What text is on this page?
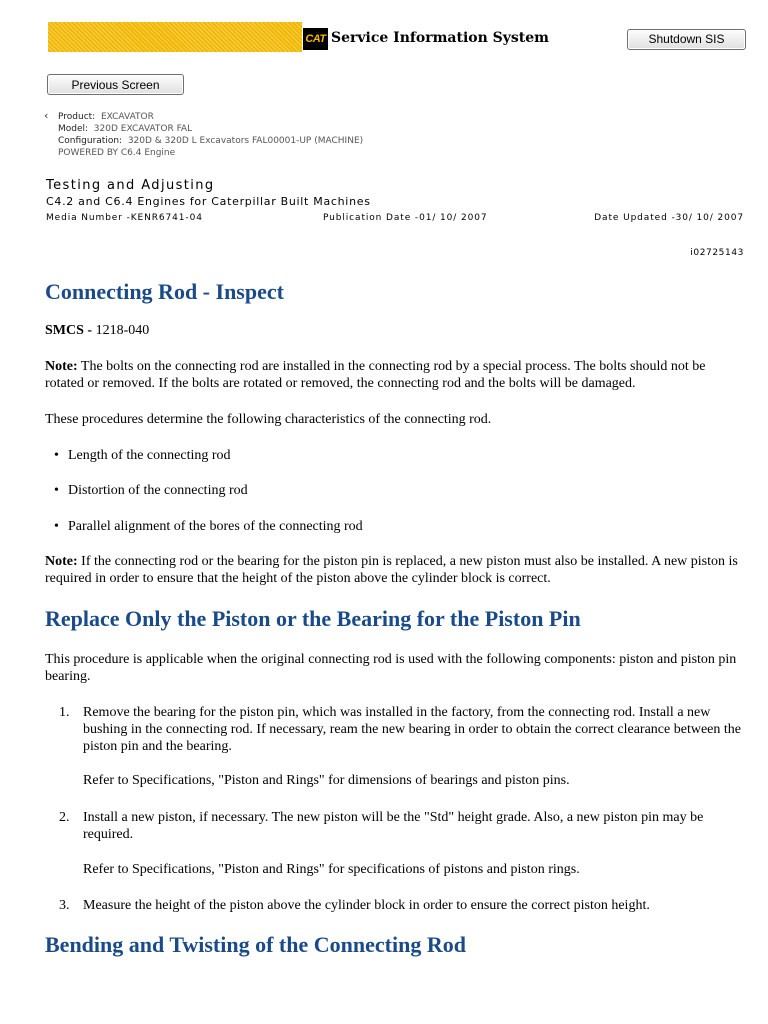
CAT Service Information System	Shutdown SIS
Previous Screen
‹ Product: EXCAVATOR
Model: 320D EXCAVATOR FAL
Configuration: 320D & 320D L Excavators FAL00001-UP (MACHINE)
POWERED BY C6.4 Engine
Testing and Adjusting
C4.2 and C6.4 Engines for Caterpillar Built Machines
Media Number -KENR6741-04	Publication Date -01/ 10/ 2007	Date Updated -30/ 10/ 2007
i02725143
Connecting Rod - Inspect

SMCS - 1218-040

Note: The bolts on the connecting rod are installed in the connecting rod by a special process. The bolts should not be rotated or removed. If the bolts are rotated or removed, the connecting rod and the bolts will be damaged.

These procedures determine the following characteristics of the connecting rod.

• Length of the connecting rod
• Distortion of the connecting rod
• Parallel alignment of the bores of the connecting rod

Note: If the connecting rod or the bearing for the piston pin is replaced, a new piston must also be installed. A new piston is required in order to ensure that the height of the piston above the cylinder block is correct.

Replace Only the Piston or the Bearing for the Piston Pin

This procedure is applicable when the original connecting rod is used with the following components: piston and piston pin bearing.

1. Remove the bearing for the piston pin, which was installed in the factory, from the connecting rod. Install a new bushing in the connecting rod. If necessary, ream the new bearing in order to obtain the correct clearance between the piston pin and the bearing.

Refer to Specifications, "Piston and Rings" for dimensions of bearings and piston pins.

2. Install a new piston, if necessary. The new piston will be the "Std" height grade. Also, a new piston pin may be required.

Refer to Specifications, "Piston and Rings" for specifications of pistons and piston rings.

3. Measure the height of the piston above the cylinder block in order to ensure the correct piston height.

Bending and Twisting of the Connecting Rod
